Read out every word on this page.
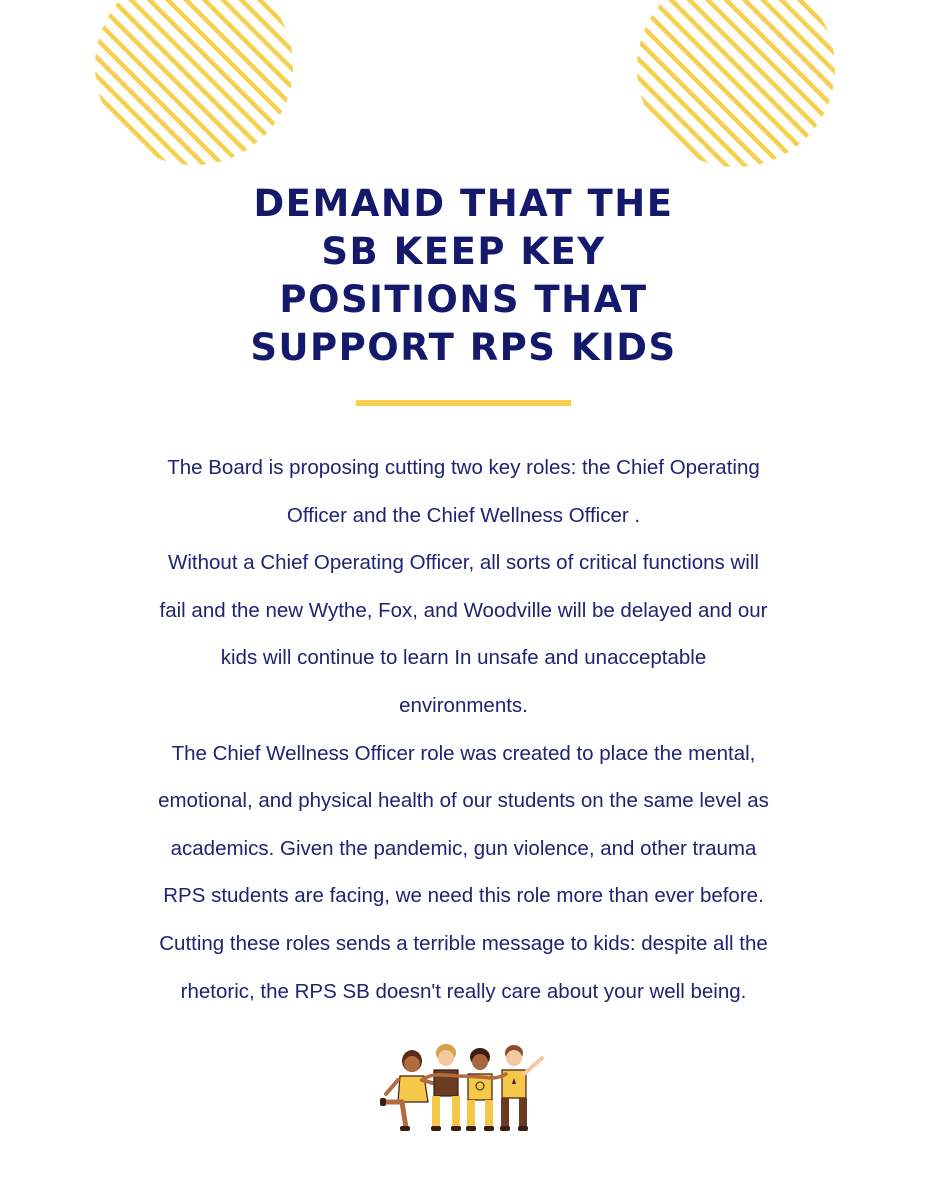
DEMAND THAT THE
SB KEEP KEY
POSITIONS THAT
SUPPORT RPS KIDS
The Board is proposing cutting two key roles: the Chief Operating
Officer and the Chief Wellness Officer .
Without a Chief Operating Officer, all sorts of critical functions will
fail and the new Wythe, Fox, and Woodville will be delayed and our
kids will continue to learn In unsafe and unacceptable
environments.
The Chief Wellness Officer role was created to place the mental,
emotional, and physical health of our students on the same level as
academics. Given the pandemic, gun violence, and other trauma
RPS students are facing, we need this role more than ever before.
Cutting these roles sends a terrible message to kids: despite all the
rhetoric, the RPS SB doesn't really care about your well being.
